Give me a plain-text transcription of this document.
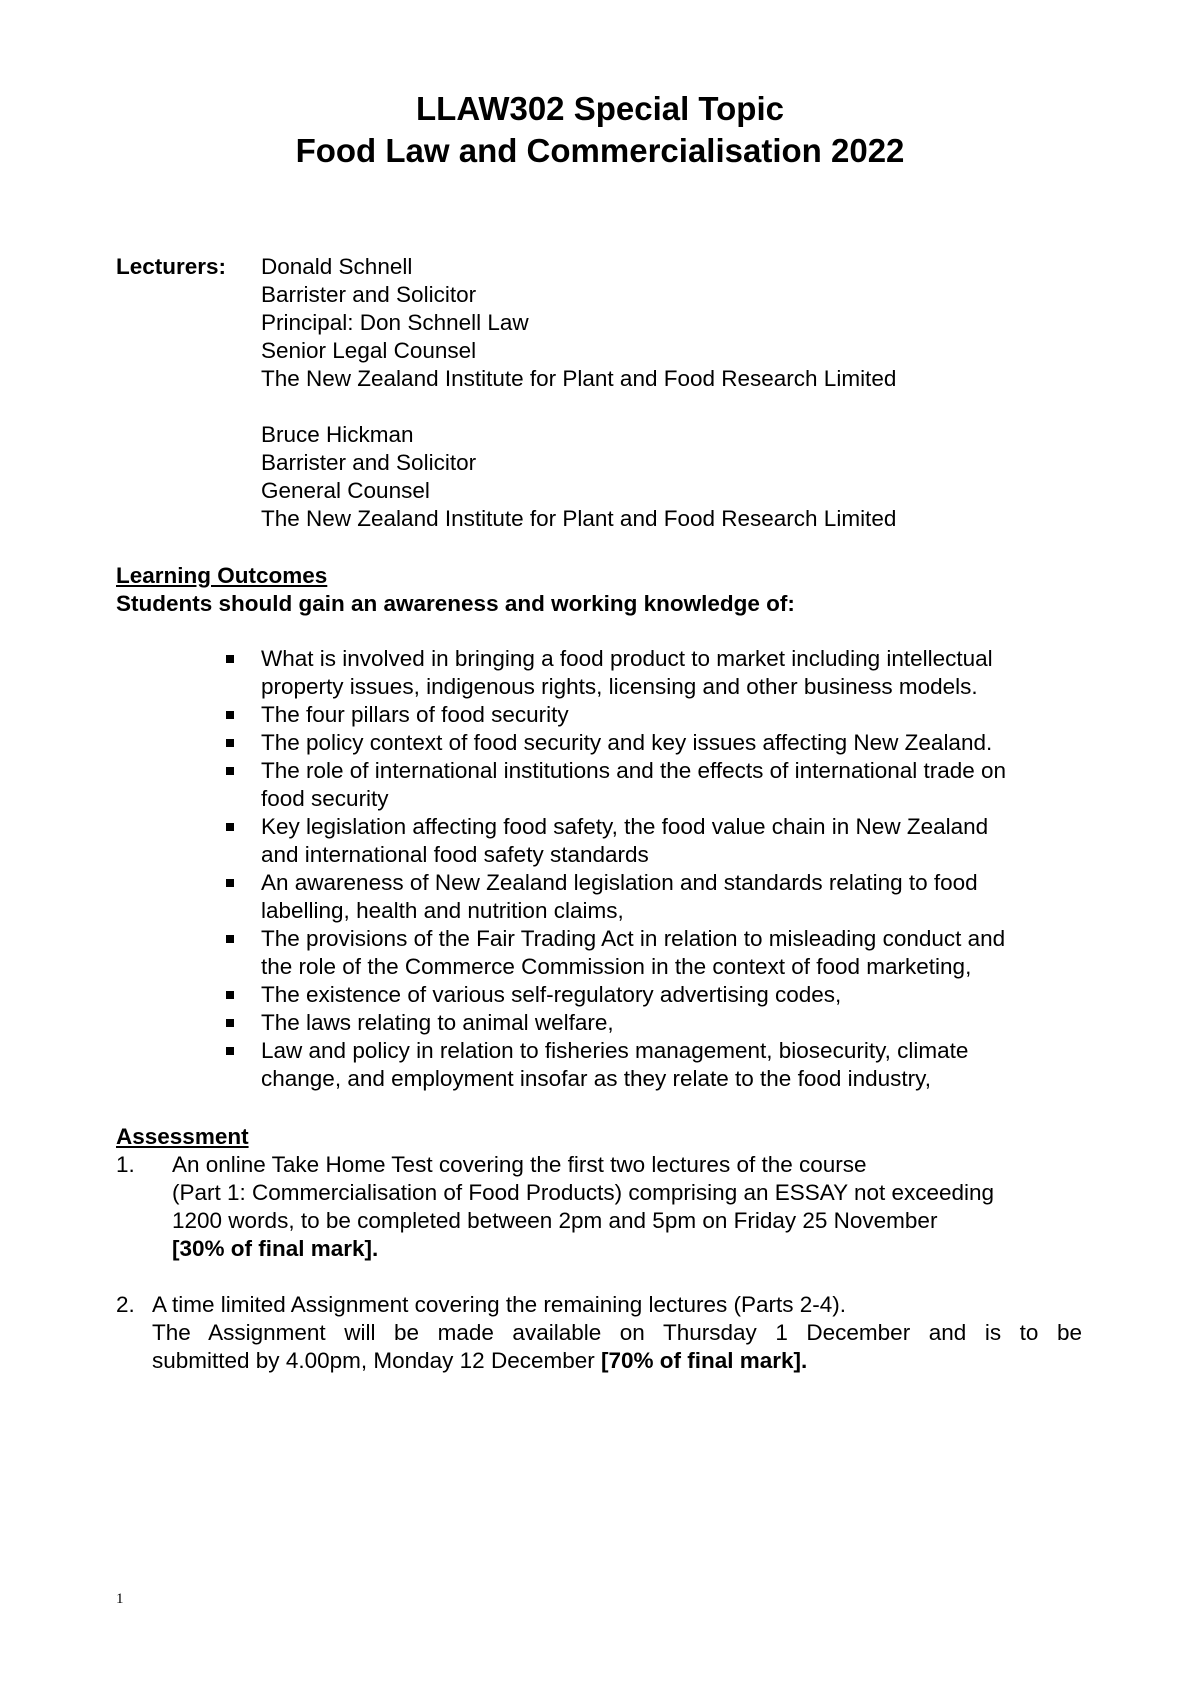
LLAW302 Special Topic
Food Law and Commercialisation 2022
Lecturers: Donald Schnell
Barrister and Solicitor
Principal: Don Schnell Law
Senior Legal Counsel
The New Zealand Institute for Plant and Food Research Limited
Bruce Hickman
Barrister and Solicitor
General Counsel
The New Zealand Institute for Plant and Food Research Limited
Learning Outcomes
Students should gain an awareness and working knowledge of:
What is involved in bringing a food product to market including intellectual
property issues, indigenous rights, licensing and other business models.
The four pillars of food security
The policy context of food security and key issues affecting New Zealand.
The role of international institutions and the effects of international trade on
food security
Key legislation affecting food safety, the food value chain in New Zealand
and international food safety standards
An awareness of New Zealand legislation and standards relating to food
labelling, health and nutrition claims,
The provisions of the Fair Trading Act in relation to misleading conduct and
the role of the Commerce Commission in the context of food marketing,
The existence of various self-regulatory advertising codes,
The laws relating to animal welfare,
Law and policy in relation to fisheries management, biosecurity, climate
change, and employment insofar as they relate to the food industry,
Assessment
1. An online Take Home Test covering the first two lectures of the course
(Part 1: Commercialisation of Food Products) comprising an ESSAY not exceeding
1200 words, to be completed between 2pm and 5pm on Friday 25 November
[30% of final mark].
2. A time limited Assignment covering the remaining lectures (Parts 2-4).
The Assignment will be made available on Thursday 1 December and is to be
submitted by 4.00pm, Monday 12 December [70% of final mark].
1
